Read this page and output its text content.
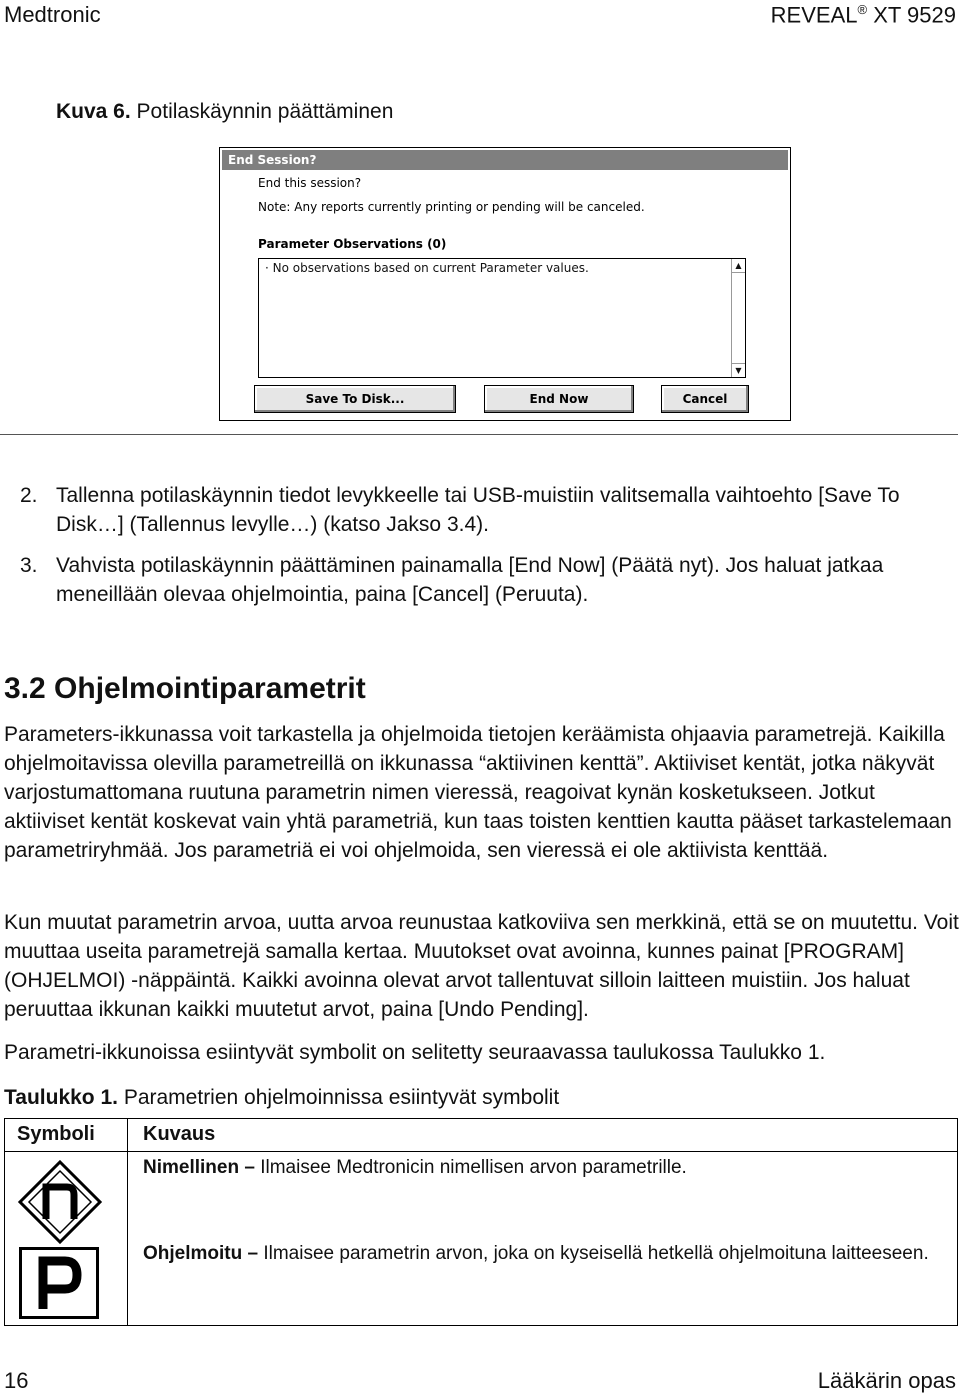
Medtronic	REVEAL® XT 9529
Kuva 6. Potilaskäynnin päättäminen
End Session?
End this session?
Note: Any reports currently printing or pending will be canceled.
Parameter Observations (0)
· No observations based on current Parameter values.	▲
▼
Save To Disk...	End Now	Cancel
2. Tallenna potilaskäynnin tiedot levykkeelle tai USB-muistiin valitsemalla vaihtoehto [Save To Disk…] (Tallennus levylle…) (katso Jakso 3.4).
3. Vahvista potilaskäynnin päättäminen painamalla [End Now] (Päätä nyt). Jos haluat jatkaa meneillään olevaa ohjelmointia, paina [Cancel] (Peruuta).
3.2 Ohjelmointiparametrit
Parameters-ikkunassa voit tarkastella ja ohjelmoida tietojen keräämista ohjaavia parametrejä. Kaikilla ohjelmoitavissa olevilla parametreillä on ikkunassa “aktiivinen kenttä”. Aktiiviset kentät, jotka näkyvät varjostumattomana ruutuna parametrin nimen vieressä, reagoivat kynän kosketukseen. Jotkut aktiiviset kentät koskevat vain yhtä parametriä, kun taas toisten kenttien kautta pääset tarkastelemaan parametriryhmää. Jos parametriä ei voi ohjelmoida, sen vieressä ei ole aktiivista kenttää.
Kun muutat parametrin arvoa, uutta arvoa reunustaa katkoviiva sen merkkinä, että se on muutettu. Voit muuttaa useita parametrejä samalla kertaa. Muutokset ovat avoinna, kunnes painat [PROGRAM] (OHJELMOI) -näppäintä. Kaikki avoinna olevat arvot tallentuvat silloin laitteen muistiin. Jos haluat peruuttaa ikkunan kaikki muutetut arvot, paina [Undo Pending].
Parametri-ikkunoissa esiintyvät symbolit on selitetty seuraavassa taulukossa Taulukko 1.
Taulukko 1. Parametrien ohjelmoinnissa esiintyvät symbolit
Symboli Kuvaus
Nimellinen – Ilmaisee Medtronicin nimellisen arvon parametrille.
Ohjelmoitu – Ilmaisee parametrin arvon, joka on kyseisellä hetkellä ohjelmoituna laitteeseen.
16	Lääkärin opas
